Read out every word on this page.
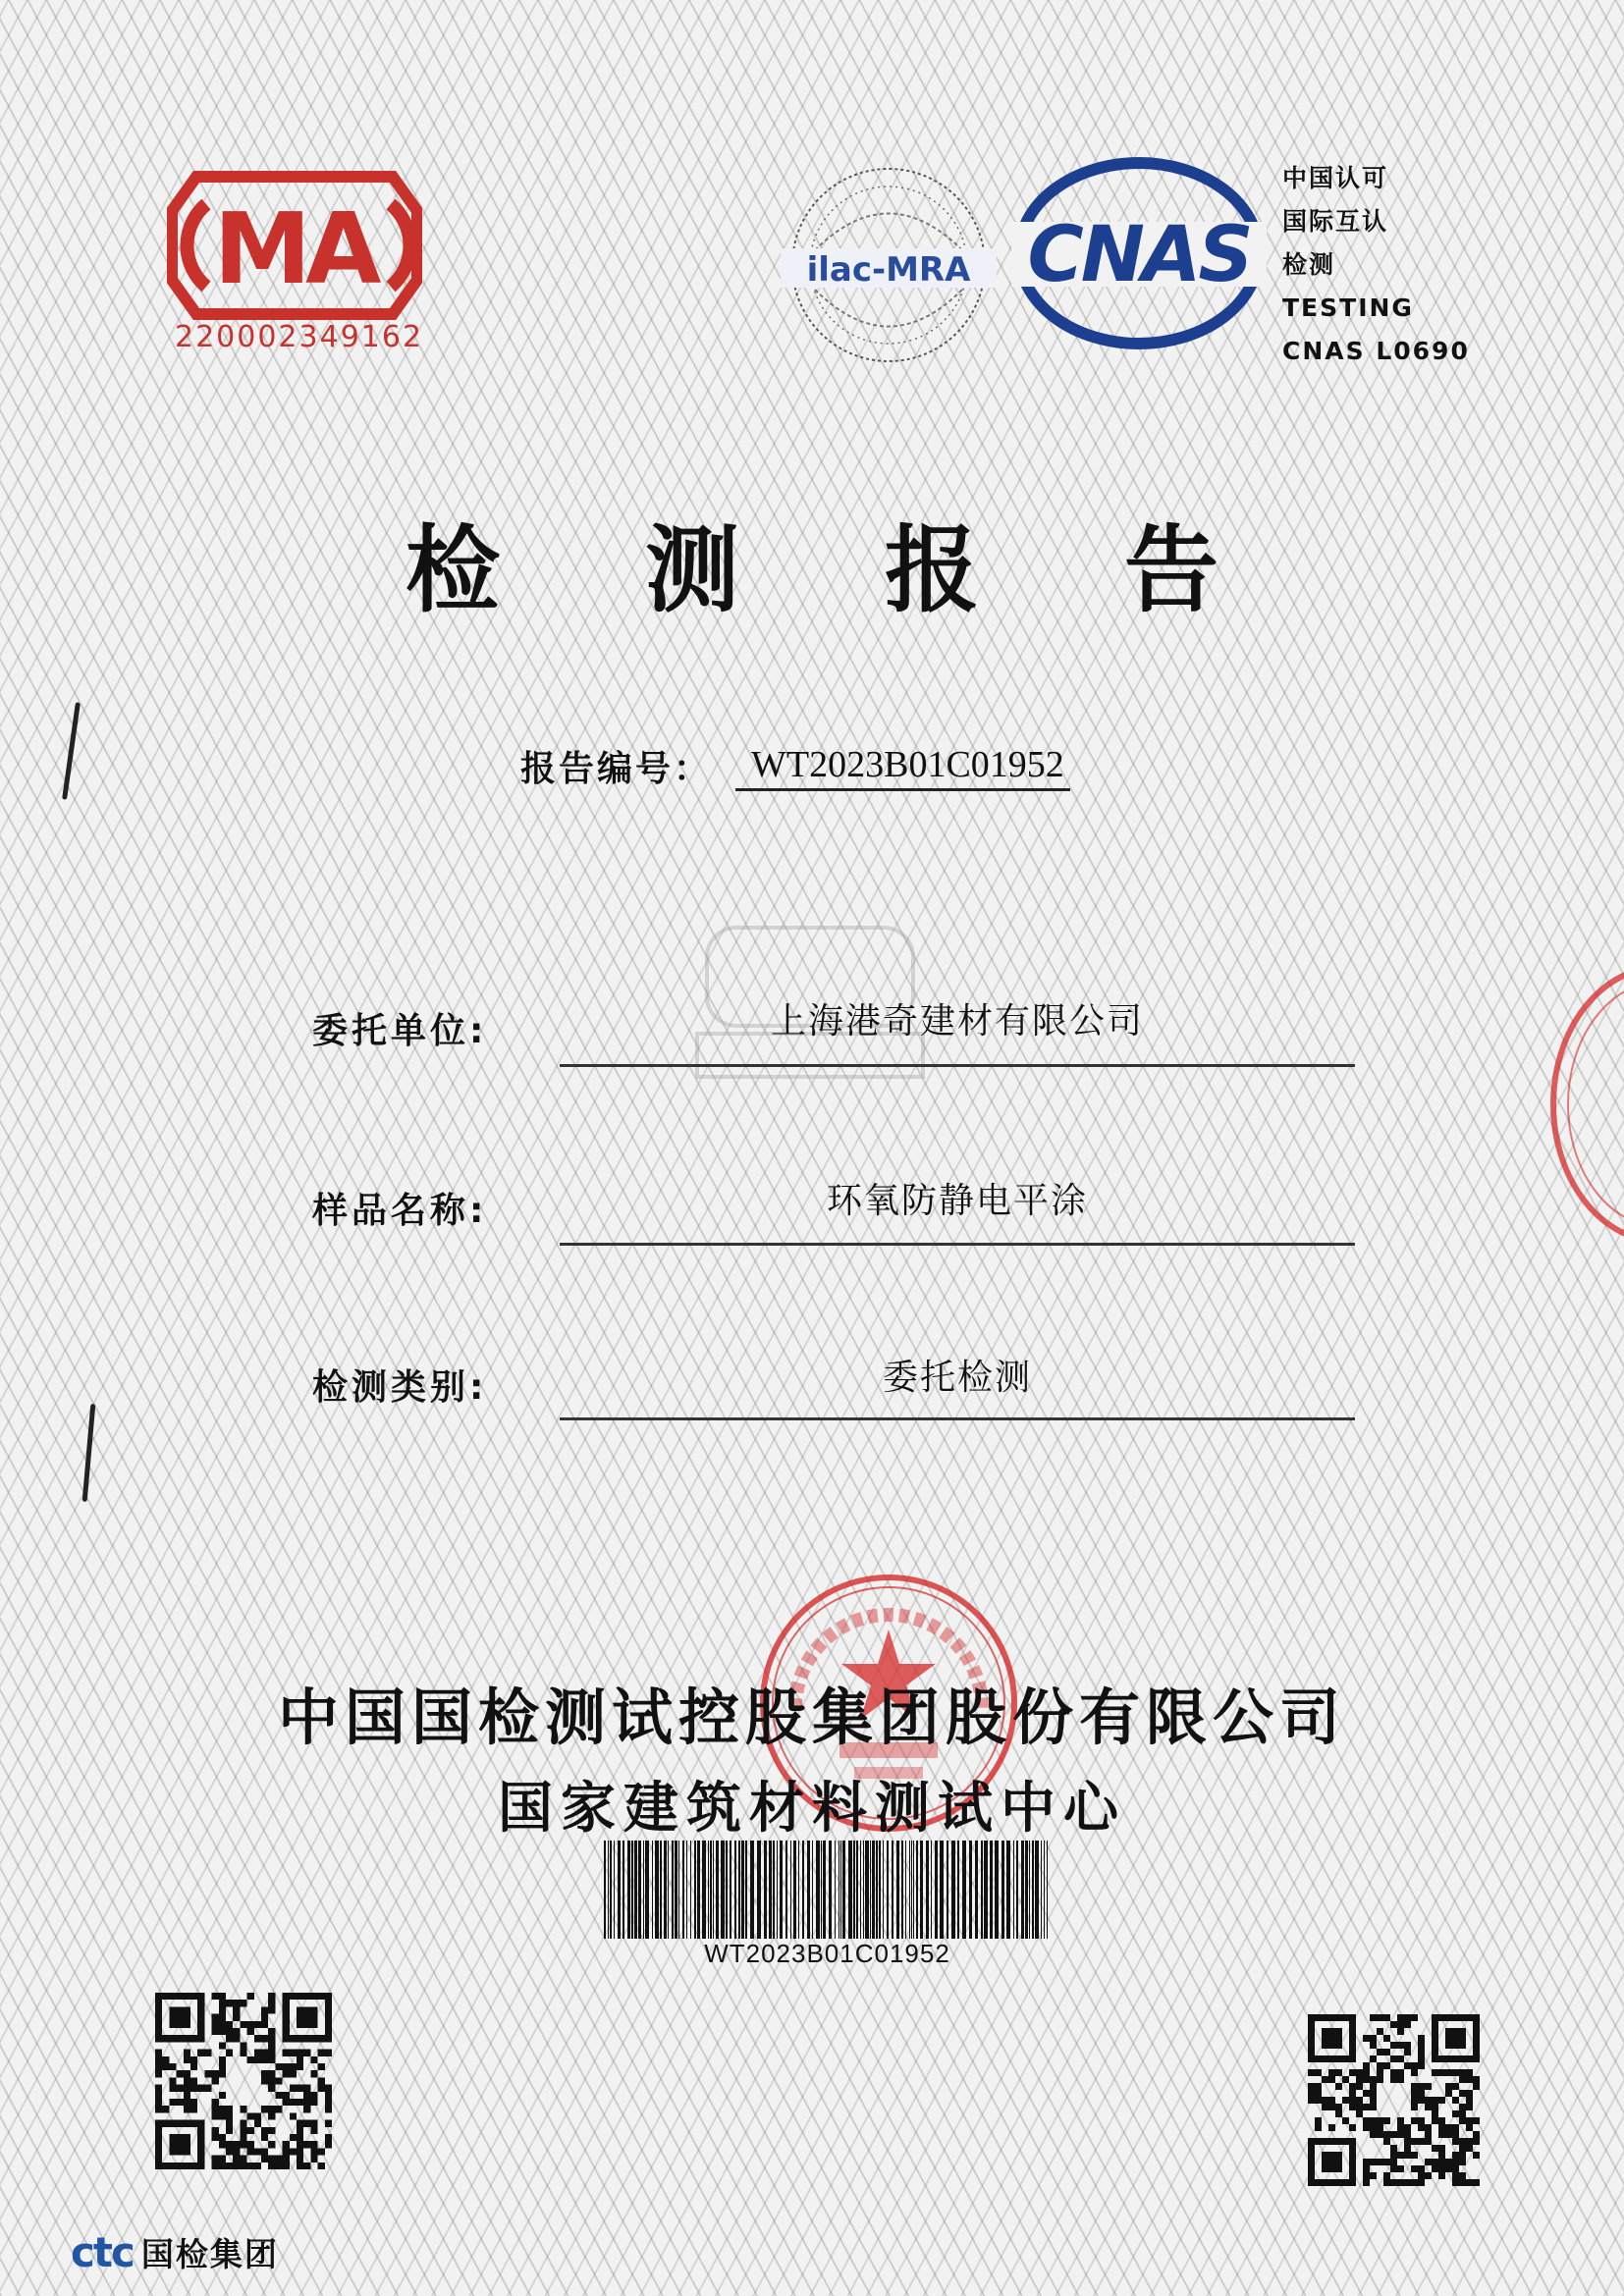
MA
220002349162
ilac-MRA CNAS
中国认可
国际互认
检测
TESTING
CNAS L0690
检 测 报 告
报告编号：	WT2023B01C01952
委托单位:	上海港奇建材有限公司
样品名称:	环氧防静电平涂
检测类别:	委托检测
中国国检测试控股集团股份有限公司
国家建筑材料测试中心
WT2023B01C01952
ctc 国检集团
